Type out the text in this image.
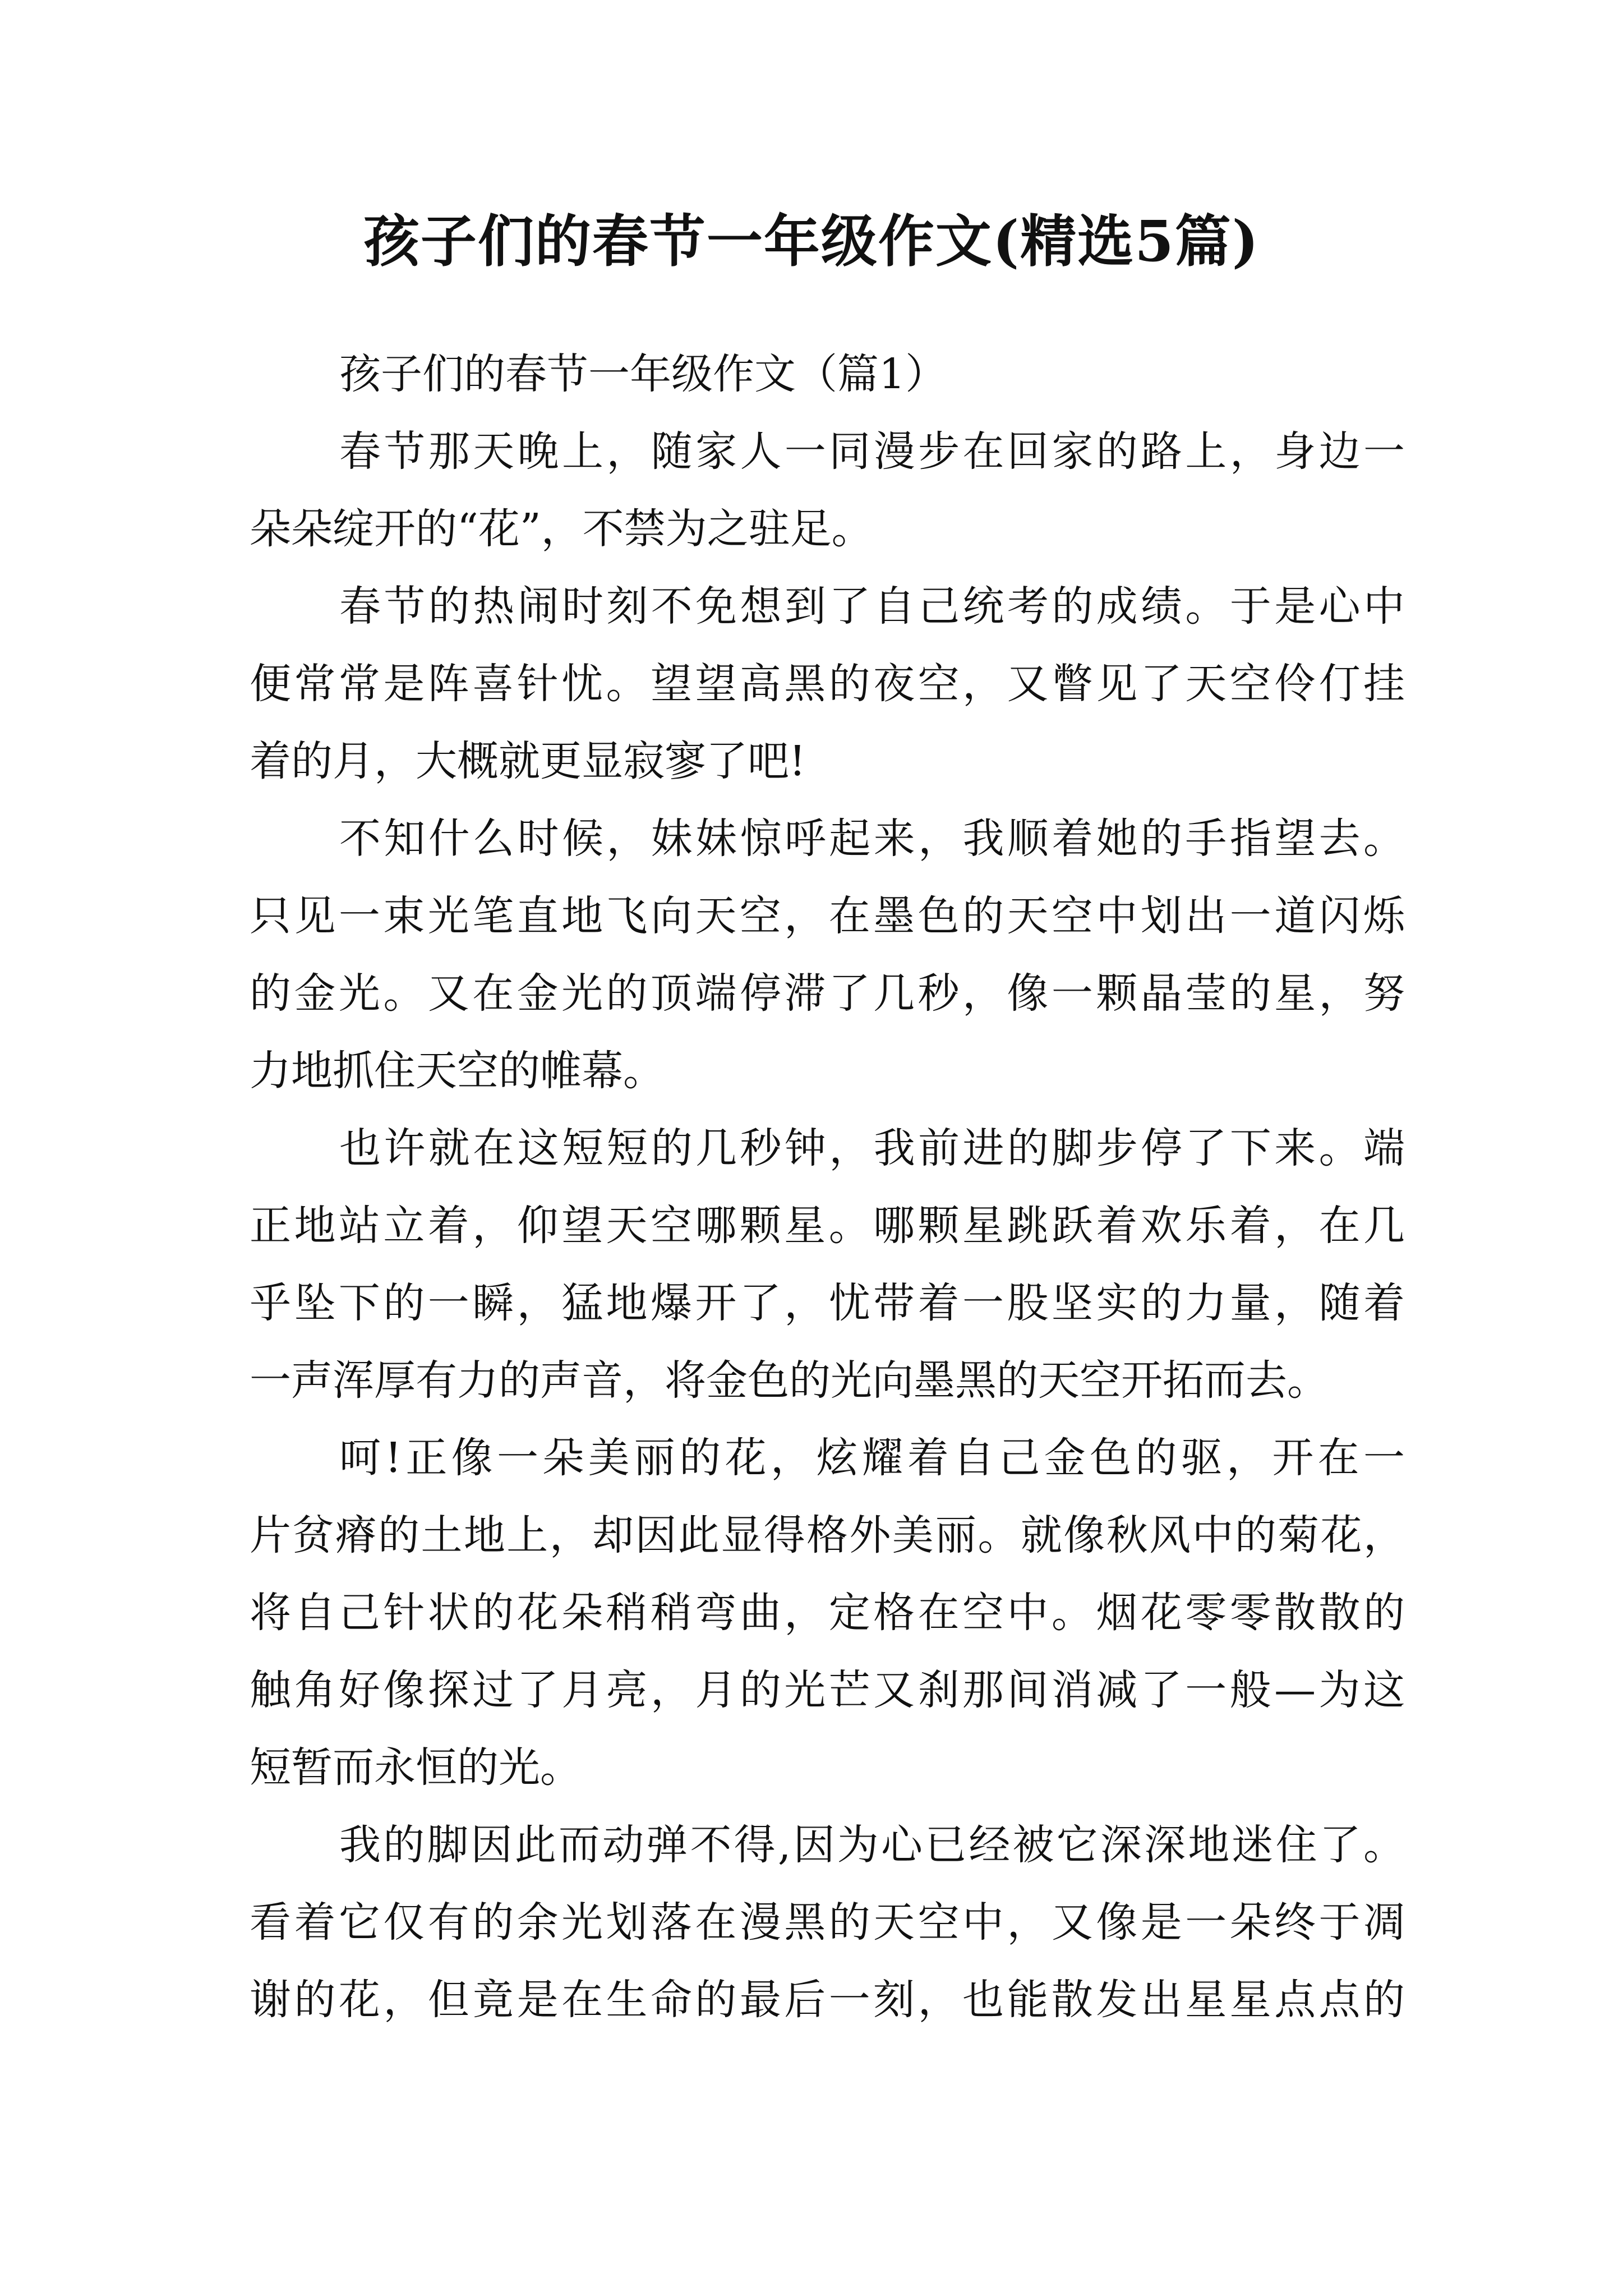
孩子们的春节一年级作文(精选5篇)

孩子们的春节一年级作文（篇1）

春节那天晚上，随家人一同漫步在回家的路上，身边一
朵朵绽开的“花”，不禁为之驻足。

春节的热闹时刻不免想到了自己统考的成绩。于是心中
便常常是阵喜针忧。望望高黑的夜空，又瞥见了天空伶仃挂
着的月，大概就更显寂寥了吧!

不知什么时候，妹妹惊呼起来，我顺着她的手指望去。
只见一束光笔直地飞向天空，在墨色的天空中划出一道闪烁
的金光。又在金光的顶端停滞了几秒，像一颗晶莹的星，努
力地抓住天空的帷幕。

也许就在这短短的几秒钟，我前进的脚步停了下来。端
正地站立着，仰望天空哪颗星。哪颗星跳跃着欢乐着，在几
乎坠下的一瞬，猛地爆开了，忧带着一股坚实的力量，随着
一声浑厚有力的声音，将金色的光向墨黑的天空开拓而去。

呵!正像一朵美丽的花，炫耀着自己金色的驱，开在一
片贫瘠的土地上，却因此显得格外美丽。就像秋风中的菊花，
将自己针状的花朵稍稍弯曲，定格在空中。烟花零零散散的
触角好像探过了月亮，月的光芒又刹那间消减了一般—为这
短暂而永恒的光。

我的脚因此而动弹不得,因为心已经被它深深地迷住了。
看着它仅有的余光划落在漫黑的天空中，又像是一朵终于凋
谢的花，但竟是在生命的最后一刻，也能散发出星星点点的
